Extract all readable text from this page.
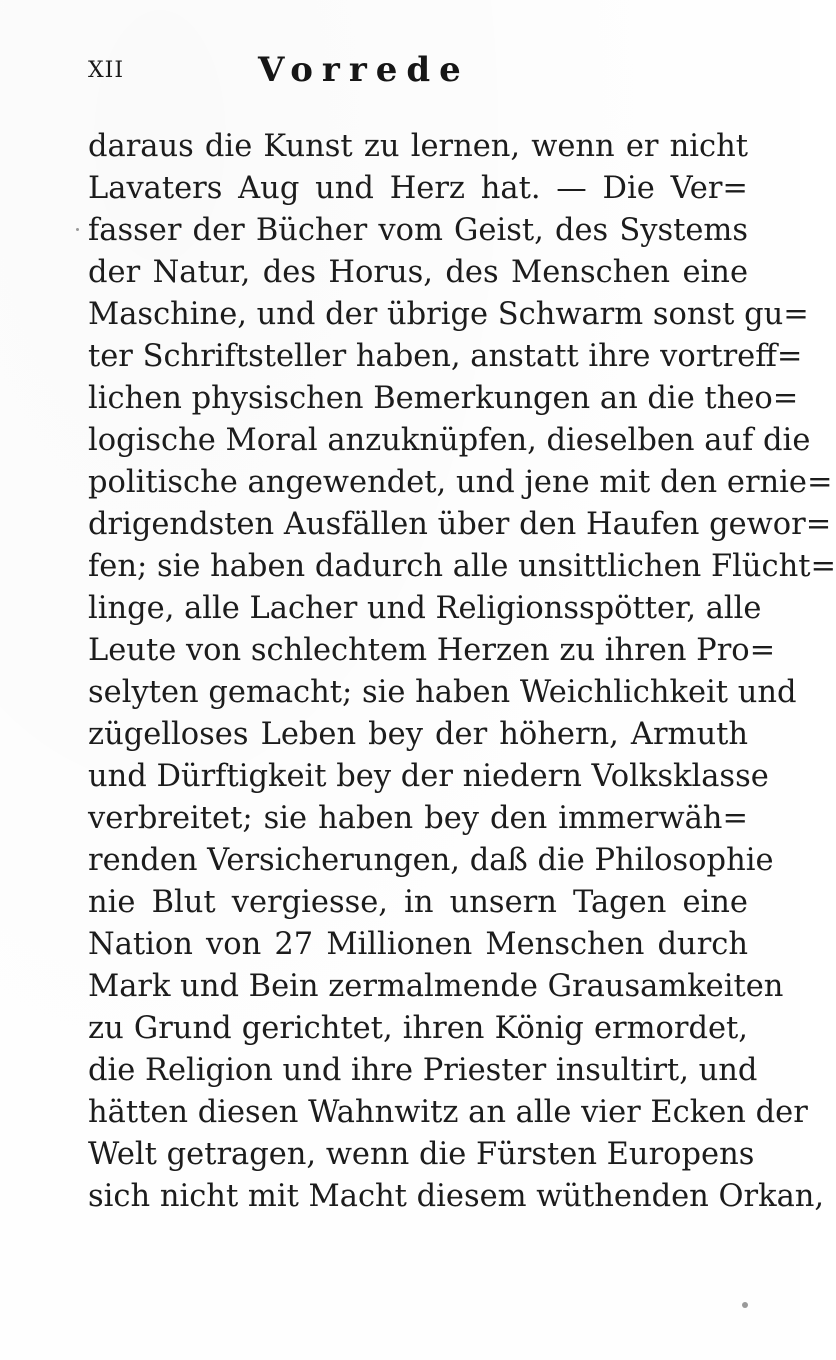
XII	Vorrede
daraus die Kunst zu lernen, wenn er nicht
Lavaters Aug und Herz hat. — Die Ver=
fasser der Bücher vom Geist, des Systems
der Natur, des Horus, des Menschen eine
Maschine, und der übrige Schwarm sonst gu=
ter Schriftsteller haben, anstatt ihre vortreff=
lichen physischen Bemerkungen an die theo=
logische Moral anzuknüpfen, dieselben auf die
politische angewendet, und jene mit den ernie=
drigendsten Ausfällen über den Haufen gewor=
fen; sie haben dadurch alle unsittlichen Flücht=
linge, alle Lacher und Religionsspötter, alle
Leute von schlechtem Herzen zu ihren Pro=
selyten gemacht; sie haben Weichlichkeit und
zügelloses Leben bey der höhern, Armuth
und Dürftigkeit bey der niedern Volksklasse
verbreitet; sie haben bey den immerwäh=
renden Versicherungen, daß die Philosophie
nie Blut vergiesse, in unsern Tagen eine
Nation von 27 Millionen Menschen durch
Mark und Bein zermalmende Grausamkeiten
zu Grund gerichtet, ihren König ermordet,
die Religion und ihre Priester insultirt, und
hätten diesen Wahnwitz an alle vier Ecken der
Welt getragen, wenn die Fürsten Europens
sich nicht mit Macht diesem wüthenden Orkan,
